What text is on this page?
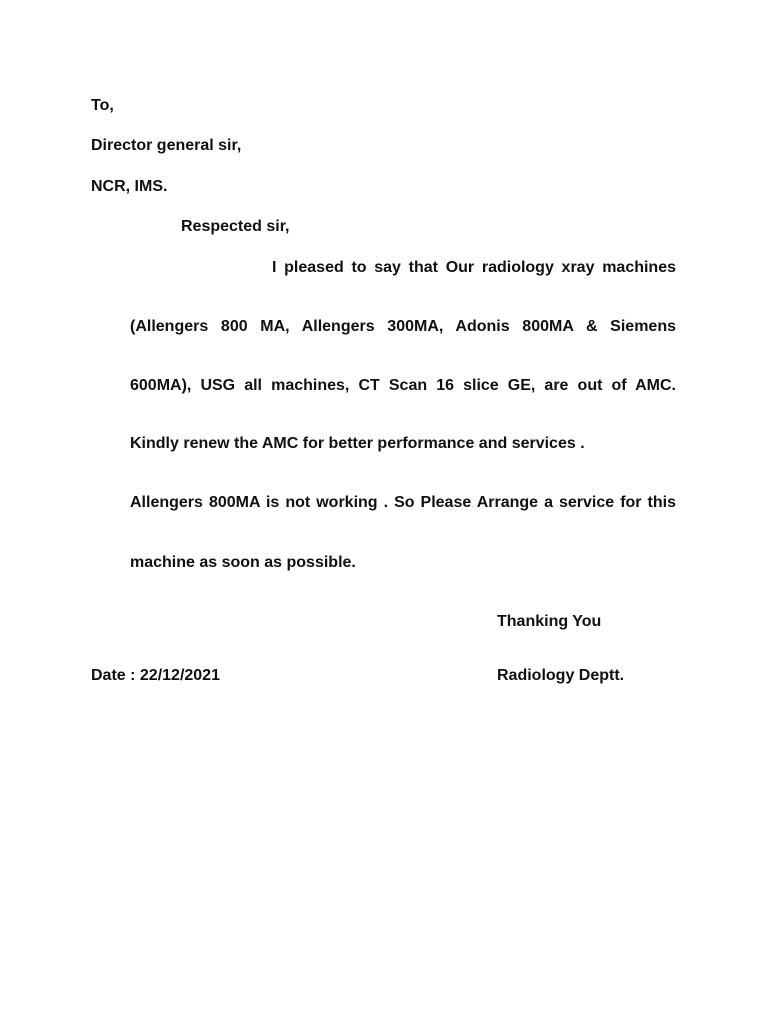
To,
Director general sir,
NCR, IMS.
Respected sir,
I pleased to say that Our radiology xray machines
(Allengers 800 MA, Allengers 300MA, Adonis 800MA & Siemens
600MA), USG all machines, CT Scan 16 slice GE, are out of AMC.
Kindly renew the AMC for better performance and services .
Allengers 800MA is not working . So Please Arrange a service for this
machine as soon as possible.
Thanking You
Date : 22/12/2021	Radiology Deptt.
